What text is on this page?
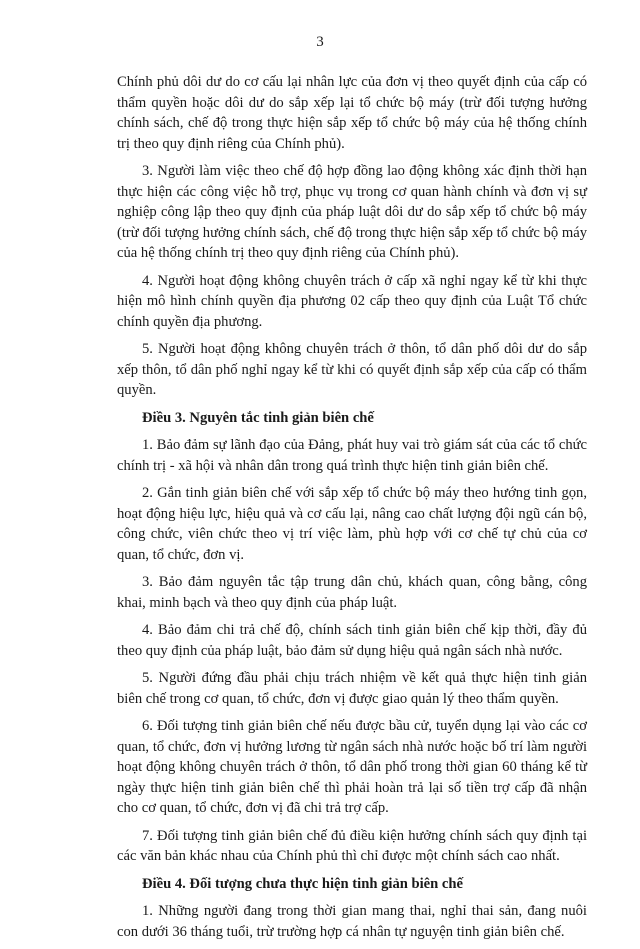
3

Chính phủ dôi dư do cơ cấu lại nhân lực của đơn vị theo quyết định của cấp có thẩm quyền hoặc dôi dư do sắp xếp lại tổ chức bộ máy (trừ đối tượng hưởng chính sách, chế độ trong thực hiện sắp xếp tổ chức bộ máy của hệ thống chính trị theo quy định riêng của Chính phủ).

3. Người làm việc theo chế độ hợp đồng lao động không xác định thời hạn thực hiện các công việc hỗ trợ, phục vụ trong cơ quan hành chính và đơn vị sự nghiệp công lập theo quy định của pháp luật dôi dư do sắp xếp tổ chức bộ máy (trừ đối tượng hưởng chính sách, chế độ trong thực hiện sắp xếp tổ chức bộ máy của hệ thống chính trị theo quy định riêng của Chính phủ).

4. Người hoạt động không chuyên trách ở cấp xã nghỉ ngay kể từ khi thực hiện mô hình chính quyền địa phương 02 cấp theo quy định của Luật Tổ chức chính quyền địa phương.

5. Người hoạt động không chuyên trách ở thôn, tổ dân phố dôi dư do sắp xếp thôn, tổ dân phố nghỉ ngay kể từ khi có quyết định sắp xếp của cấp có thẩm quyền.

Điều 3. Nguyên tắc tinh giản biên chế

1. Bảo đảm sự lãnh đạo của Đảng, phát huy vai trò giám sát của các tổ chức chính trị - xã hội và nhân dân trong quá trình thực hiện tinh giản biên chế.

2. Gắn tinh giản biên chế với sắp xếp tổ chức bộ máy theo hướng tinh gọn, hoạt động hiệu lực, hiệu quả và cơ cấu lại, nâng cao chất lượng đội ngũ cán bộ, công chức, viên chức theo vị trí việc làm, phù hợp với cơ chế tự chủ của cơ quan, tổ chức, đơn vị.

3. Bảo đảm nguyên tắc tập trung dân chủ, khách quan, công bằng, công khai, minh bạch và theo quy định của pháp luật.

4. Bảo đảm chi trả chế độ, chính sách tinh giản biên chế kịp thời, đầy đủ theo quy định của pháp luật, bảo đảm sử dụng hiệu quả ngân sách nhà nước.

5. Người đứng đầu phải chịu trách nhiệm về kết quả thực hiện tinh giản biên chế trong cơ quan, tổ chức, đơn vị được giao quản lý theo thẩm quyền.

6. Đối tượng tinh giản biên chế nếu được bầu cử, tuyển dụng lại vào các cơ quan, tổ chức, đơn vị hưởng lương từ ngân sách nhà nước hoặc bố trí làm người hoạt động không chuyên trách ở thôn, tổ dân phố trong thời gian 60 tháng kể từ ngày thực hiện tinh giản biên chế thì phải hoàn trả lại số tiền trợ cấp đã nhận cho cơ quan, tổ chức, đơn vị đã chi trả trợ cấp.

7. Đối tượng tinh giản biên chế đủ điều kiện hưởng chính sách quy định tại các văn bản khác nhau của Chính phủ thì chỉ được một chính sách cao nhất.

Điều 4. Đối tượng chưa thực hiện tinh giản biên chế

1. Những người đang trong thời gian mang thai, nghỉ thai sản, đang nuôi con dưới 36 tháng tuổi, trừ trường hợp cá nhân tự nguyện tinh giản biên chế.
